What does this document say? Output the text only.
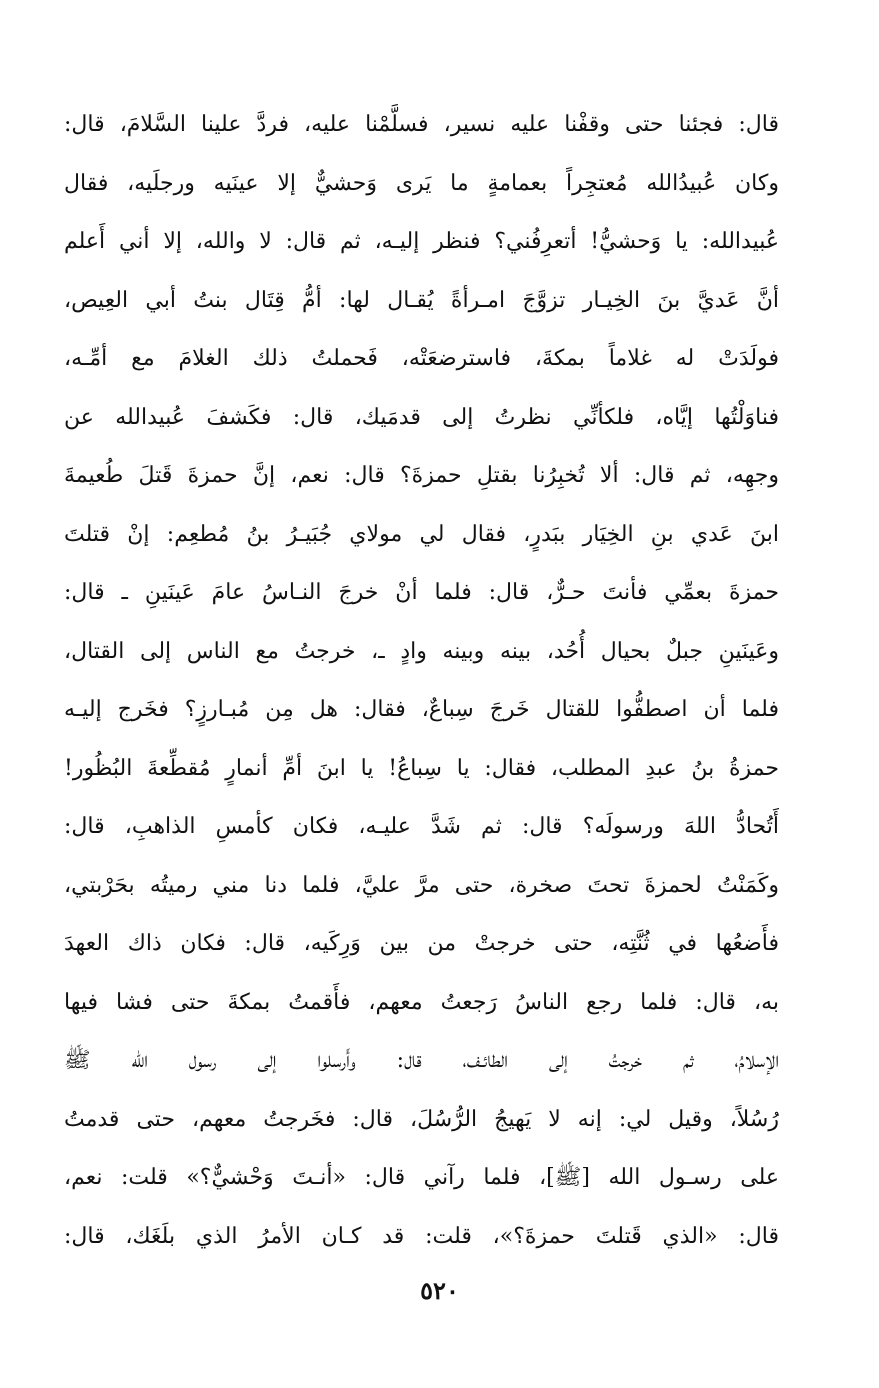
قال: فجئنا حتى وقفْنا عليه نسير، فسلَّمْنا عليه، فردَّ علينا السَّلامَ، قال:
وكان عُبيدُالله مُعتجِراً بعمامةٍ ما يَرى وَحشيٌّ إلا عينَيه ورجلَيه، فقال
عُبيدالله: يا وَحشيُّ! أتعرِفُني؟ فنظر إليـه، ثم قال: لا والله، إلا أني أَعلم
أنَّ عَديَّ بنَ الخِيـار تزوَّجَ امـرأةً يُقـال لها: أمُّ قِتَال بنتُ أبي العِيص،
فولَدَتْ له غلاماً بمكةَ، فاسترضعَتْه، فَحملتُ ذلك الغلامَ مع أمِّـه،
فناوَلْتُها إيَّاه، فلكأنِّي نظرتُ إلى قدمَيك، قال: فكَشفَ عُبيدالله عن
وجهِه، ثم قال: ألا تُخبِرُنا بقتلِ حمزةَ؟ قال: نعم، إنَّ حمزةَ قَتلَ طُعيمةَ
ابنَ عَدي بنِ الخِيَار ببَدرٍ، فقال لي مولاي جُبَيـرُ بنُ مُطعِم: إنْ قتلتَ
حمزةَ بعمِّي فأنتَ حـرٌّ، قال: فلما أنْ خرجَ النـاسُ عامَ عَينَينِ ـ قال:
وعَينَينِ جبلٌ بحيال أُحُد، بينه وبينه وادٍ ـ، خرجتُ مع الناس إلى القتال،
فلما أن اصطفُّوا للقتال خَرجَ سِباعٌ، فقال: هل مِن مُبـارزٍ؟ فخَرج إليـه
حمزةُ بنُ عبدِ المطلب، فقال: يا سِباعُ! يا ابنَ أمِّ أنمارٍ مُقطِّعةَ البُظُور!
أَتُحادُّ اللهَ ورسولَه؟ قال: ثم شَدَّ عليـه، فكان كأمسِ الذاهبِ، قال:
وكَمَنْتُ لحمزةَ تحتَ صخرة، حتى مرَّ عليَّ، فلما دنا مني رميتُه بحَرْبتي،
فأَضعُها في ثُنَّتِه، حتى خرجتْ من بين وَرِكَيه، قال: فكان ذاك العهدَ
به، قال: فلما رجع الناسُ رَجعتُ معهم، فأَقمتُ بمكةَ حتى فشا فيها
الإسلامُ، ثم خرجتُ إلى الطائـف، قال: وأَرسلوا إلى رسول الله ﷺ
رُسُلاً، وقيل لي: إنه لا يَهيجُ الرُّسُلَ، قال: فخَرجتُ معهم، حتى قدمتُ
على رسـول الله [ﷺ]، فلما رآني قال: «أنـتَ وَحْشيٌّ؟» قلت: نعم،
قال: «الذي قَتلتَ حمزةَ؟»، قلت: قد كـان الأمرُ الذي بلَغَك، قال:
٥٢٠
